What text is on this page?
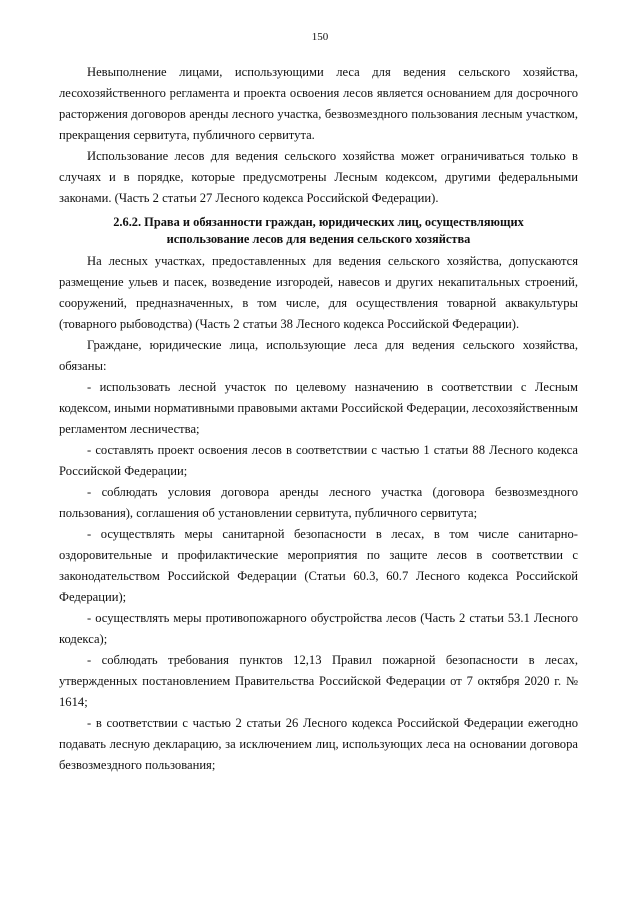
150

Невыполнение лицами, использующими леса для ведения сельского хозяйства, лесохозяйственного регламента и проекта освоения лесов является основанием для досрочного расторжения договоров аренды лесного участка, безвозмездного пользования лесным участком, прекращения сервитута, публичного сервитута.

Использование лесов для ведения сельского хозяйства может ограничиваться только в случаях и в порядке, которые предусмотрены Лесным кодексом, другими федеральными законами. (Часть 2 статьи 27 Лесного кодекса Российской Федерации).

2.6.2. Права и обязанности граждан, юридических лиц, осуществляющих
использование лесов для ведения сельского хозяйства

На лесных участках, предоставленных для ведения сельского хозяйства, допускаются размещение ульев и пасек, возведение изгородей, навесов и других некапитальных строений, сооружений, предназначенных, в том числе, для осуществления товарной аквакультуры (товарного рыбоводства) (Часть 2 статьи 38 Лесного кодекса Российской Федерации).

Граждане, юридические лица, использующие леса для ведения сельского хозяйства, обязаны:

- использовать лесной участок по целевому назначению в соответствии с Лесным кодексом, иными нормативными правовыми актами Российской Федерации, лесохозяйственным регламентом лесничества;

- составлять проект освоения лесов в соответствии с частью 1 статьи 88 Лесного кодекса Российской Федерации;

- соблюдать условия договора аренды лесного участка (договора безвозмездного пользования), соглашения об установлении сервитута, публичного сервитута;

- осуществлять меры санитарной безопасности в лесах, в том числе санитарно-оздоровительные и профилактические мероприятия по защите лесов в соответствии с законодательством Российской Федерации (Статьи 60.3, 60.7 Лесного кодекса Российской Федерации);

- осуществлять меры противопожарного обустройства лесов (Часть 2 статьи 53.1 Лесного кодекса);

- соблюдать требования пунктов 12,13 Правил пожарной безопасности в лесах, утвержденных постановлением Правительства Российской Федерации от 7 октября 2020 г. № 1614;

- в соответствии с частью 2 статьи 26 Лесного кодекса Российской Федерации ежегодно подавать лесную декларацию, за исключением лиц, использующих леса на основании договора безвозмездного пользования;
